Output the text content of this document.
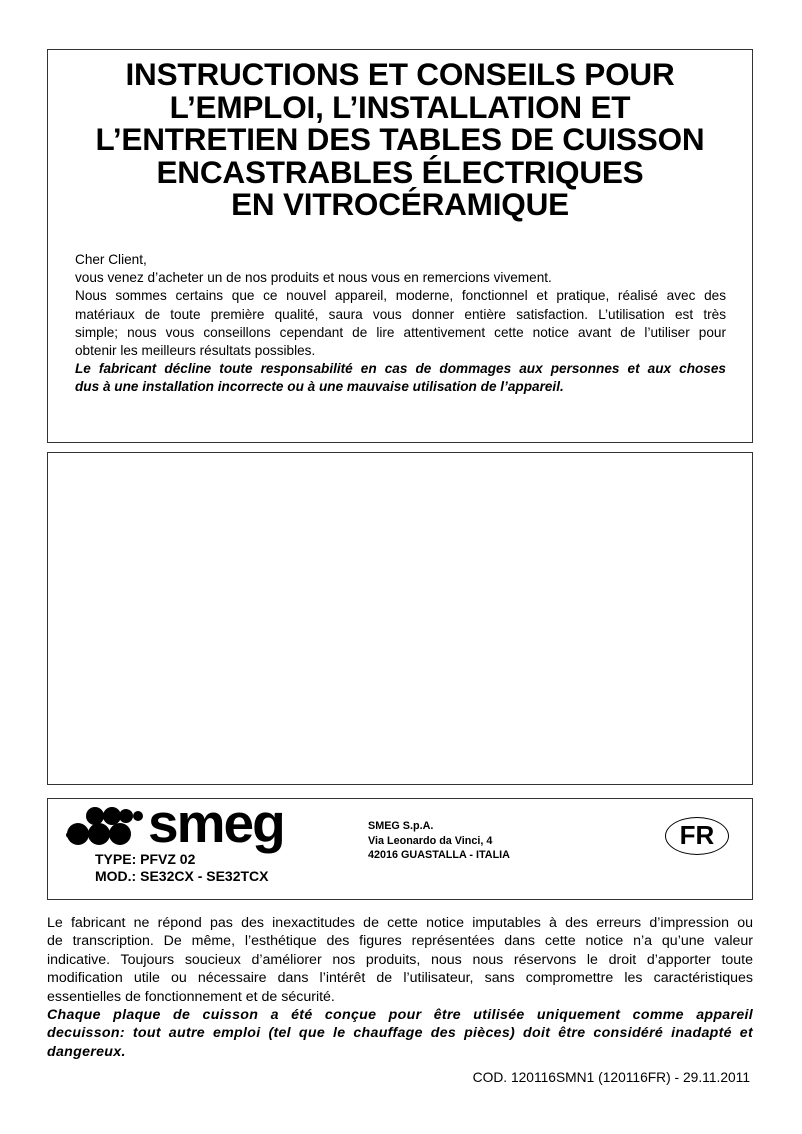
INSTRUCTIONS ET CONSEILS POUR
L’EMPLOI, L’INSTALLATION ET
L’ENTRETIEN DES TABLES DE CUISSON
ENCASTRABLES ÉLECTRIQUES
EN VITROCÉRAMIQUE
Cher Client,
vous venez d’acheter un de nos produits et nous vous en remercions vivement.
Nous sommes certains que ce nouvel appareil, moderne, fonctionnel et pratique, réalisé avec des
matériaux de toute première qualité, saura vous donner entière satisfaction. L’utilisation est très
simple; nous vous conseillons cependant de lire attentivement cette notice avant de l’utiliser pour
obtenir les meilleurs résultats possibles.
Le fabricant décline toute responsabilité en cas de dommages aux personnes et aux choses
dus à une installation incorrecte ou à une mauvaise utilisation de l’appareil.
smeg
TYPE: PFVZ 02
MOD.: SE32CX - SE32TCX
SMEG S.p.A.
Via Leonardo da Vinci, 4
42016 GUASTALLA - ITALIA
FR
Le fabricant ne répond pas des inexactitudes de cette notice imputables à des erreurs d’impression ou
de transcription. De même, l’esthétique des figures représentées dans cette notice n’a qu’une valeur
indicative. Toujours soucieux d’améliorer nos produits, nous nous réservons le droit d’apporter toute
modification utile ou nécessaire dans l’intérêt de l’utilisateur, sans compromettre les caractéristiques
essentielles de fonctionnement et de sécurité.
Chaque plaque de cuisson a été conçue pour être utilisée uniquement comme appareil
decuisson: tout autre emploi (tel que le chauffage des pièces) doit être considéré inadapté et
dangereux.
COD. 120116SMN1 (120116FR) - 29.11.2011
